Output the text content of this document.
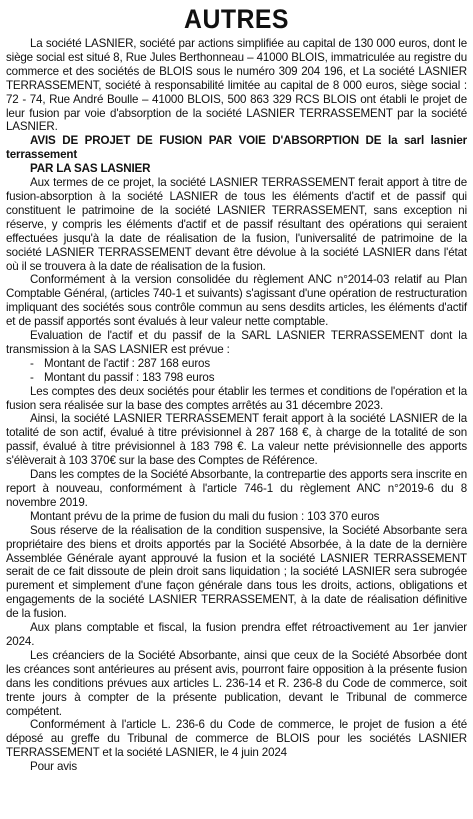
AUTRES

La société LASNIER, société par actions simplifiée au capital de 130 000 euros, dont le siège social est situé 8, Rue Jules Berthonneau – 41000 BLOIS, immatriculée au registre du commerce et des sociétés de BLOIS sous le numéro 309 204 196, et La société LASNIER TERRASSEMENT, société à responsabilité limitée au capital de 8 000 euros, siège social : 72 - 74, Rue André Boulle – 41000 BLOIS, 500 863 329 RCS BLOIS ont établi le projet de leur fusion par voie d'absorption de la société LASNIER TERRASSEMENT par la société LASNIER.

AVIS DE PROJET DE FUSION PAR VOIE D'ABSORPTION DE la sarl lasnier terrassement

PAR LA SAS LASNIER

Aux termes de ce projet, la société LASNIER TERRASSEMENT ferait apport à titre de fusion-absorption à la société LASNIER de tous les éléments d'actif et de passif qui constituent le patrimoine de la société LASNIER TERRASSEMENT, sans exception ni réserve, y compris les éléments d'actif et de passif résultant des opérations qui seraient effectuées jusqu'à la date de réalisation de la fusion, l'universalité de patrimoine de la société LASNIER TERRASSEMENT devant être dévolue à la société LASNIER dans l'état où il se trouvera à la date de réalisation de la fusion.

Conformément à la version consolidée du règlement ANC n°2014-03 relatif au Plan Comptable Général, (articles 740-1 et suivants) s'agissant d'une opération de restructuration impliquant des sociétés sous contrôle commun au sens desdits articles, les éléments d'actif et de passif apportés sont évalués à leur valeur nette comptable.

Evaluation de l'actif et du passif de la SARL LASNIER TERRASSEMENT dont la transmission à la SAS LASNIER est prévue :

- Montant de l'actif : 287 168 euros
- Montant du passif : 183 798 euros

Les comptes des deux sociétés pour établir les termes et conditions de l'opération et la fusion sera réalisée sur la base des comptes arrêtés au 31 décembre 2023.

Ainsi, la société LASNIER TERRASSEMENT ferait apport à la société LASNIER de la totalité de son actif, évalué à titre prévisionnel à 287 168 €, à charge de la totalité de son passif, évalué à titre prévisionnel à 183 798 €. La valeur nette prévisionnelle des apports s'élèverait à 103 370€ sur la base des Comptes de Référence.

Dans les comptes de la Société Absorbante, la contrepartie des apports sera inscrite en report à nouveau, conformément à l'article 746-1 du règlement ANC n°2019-6 du 8 novembre 2019.

Montant prévu de la prime de fusion du mali du fusion : 103 370 euros

Sous réserve de la réalisation de la condition suspensive, la Société Absorbante sera propriétaire des biens et droits apportés par la Société Absorbée, à la date de la dernière Assemblée Générale ayant approuvé la fusion et la société LASNIER TERRASSEMENT serait de ce fait dissoute de plein droit sans liquidation ; la société LASNIER sera subrogée purement et simplement d'une façon générale dans tous les droits, actions, obligations et engagements de la société LASNIER TERRASSEMENT, à la date de réalisation définitive de la fusion.

Aux plans comptable et fiscal, la fusion prendra effet rétroactivement au 1er janvier 2024.

Les créanciers de la Société Absorbante, ainsi que ceux de la Société Absorbée dont les créances sont antérieures au présent avis, pourront faire opposition à la présente fusion dans les conditions prévues aux articles L. 236-14 et R. 236-8 du Code de commerce, soit trente jours à compter de la présente publication, devant le Tribunal de commerce compétent.

Conformément à l'article L. 236-6 du Code de commerce, le projet de fusion a été déposé au greffe du Tribunal de commerce de BLOIS pour les sociétés LASNIER TERRASSEMENT et la société LASNIER, le 4 juin 2024

Pour avis
